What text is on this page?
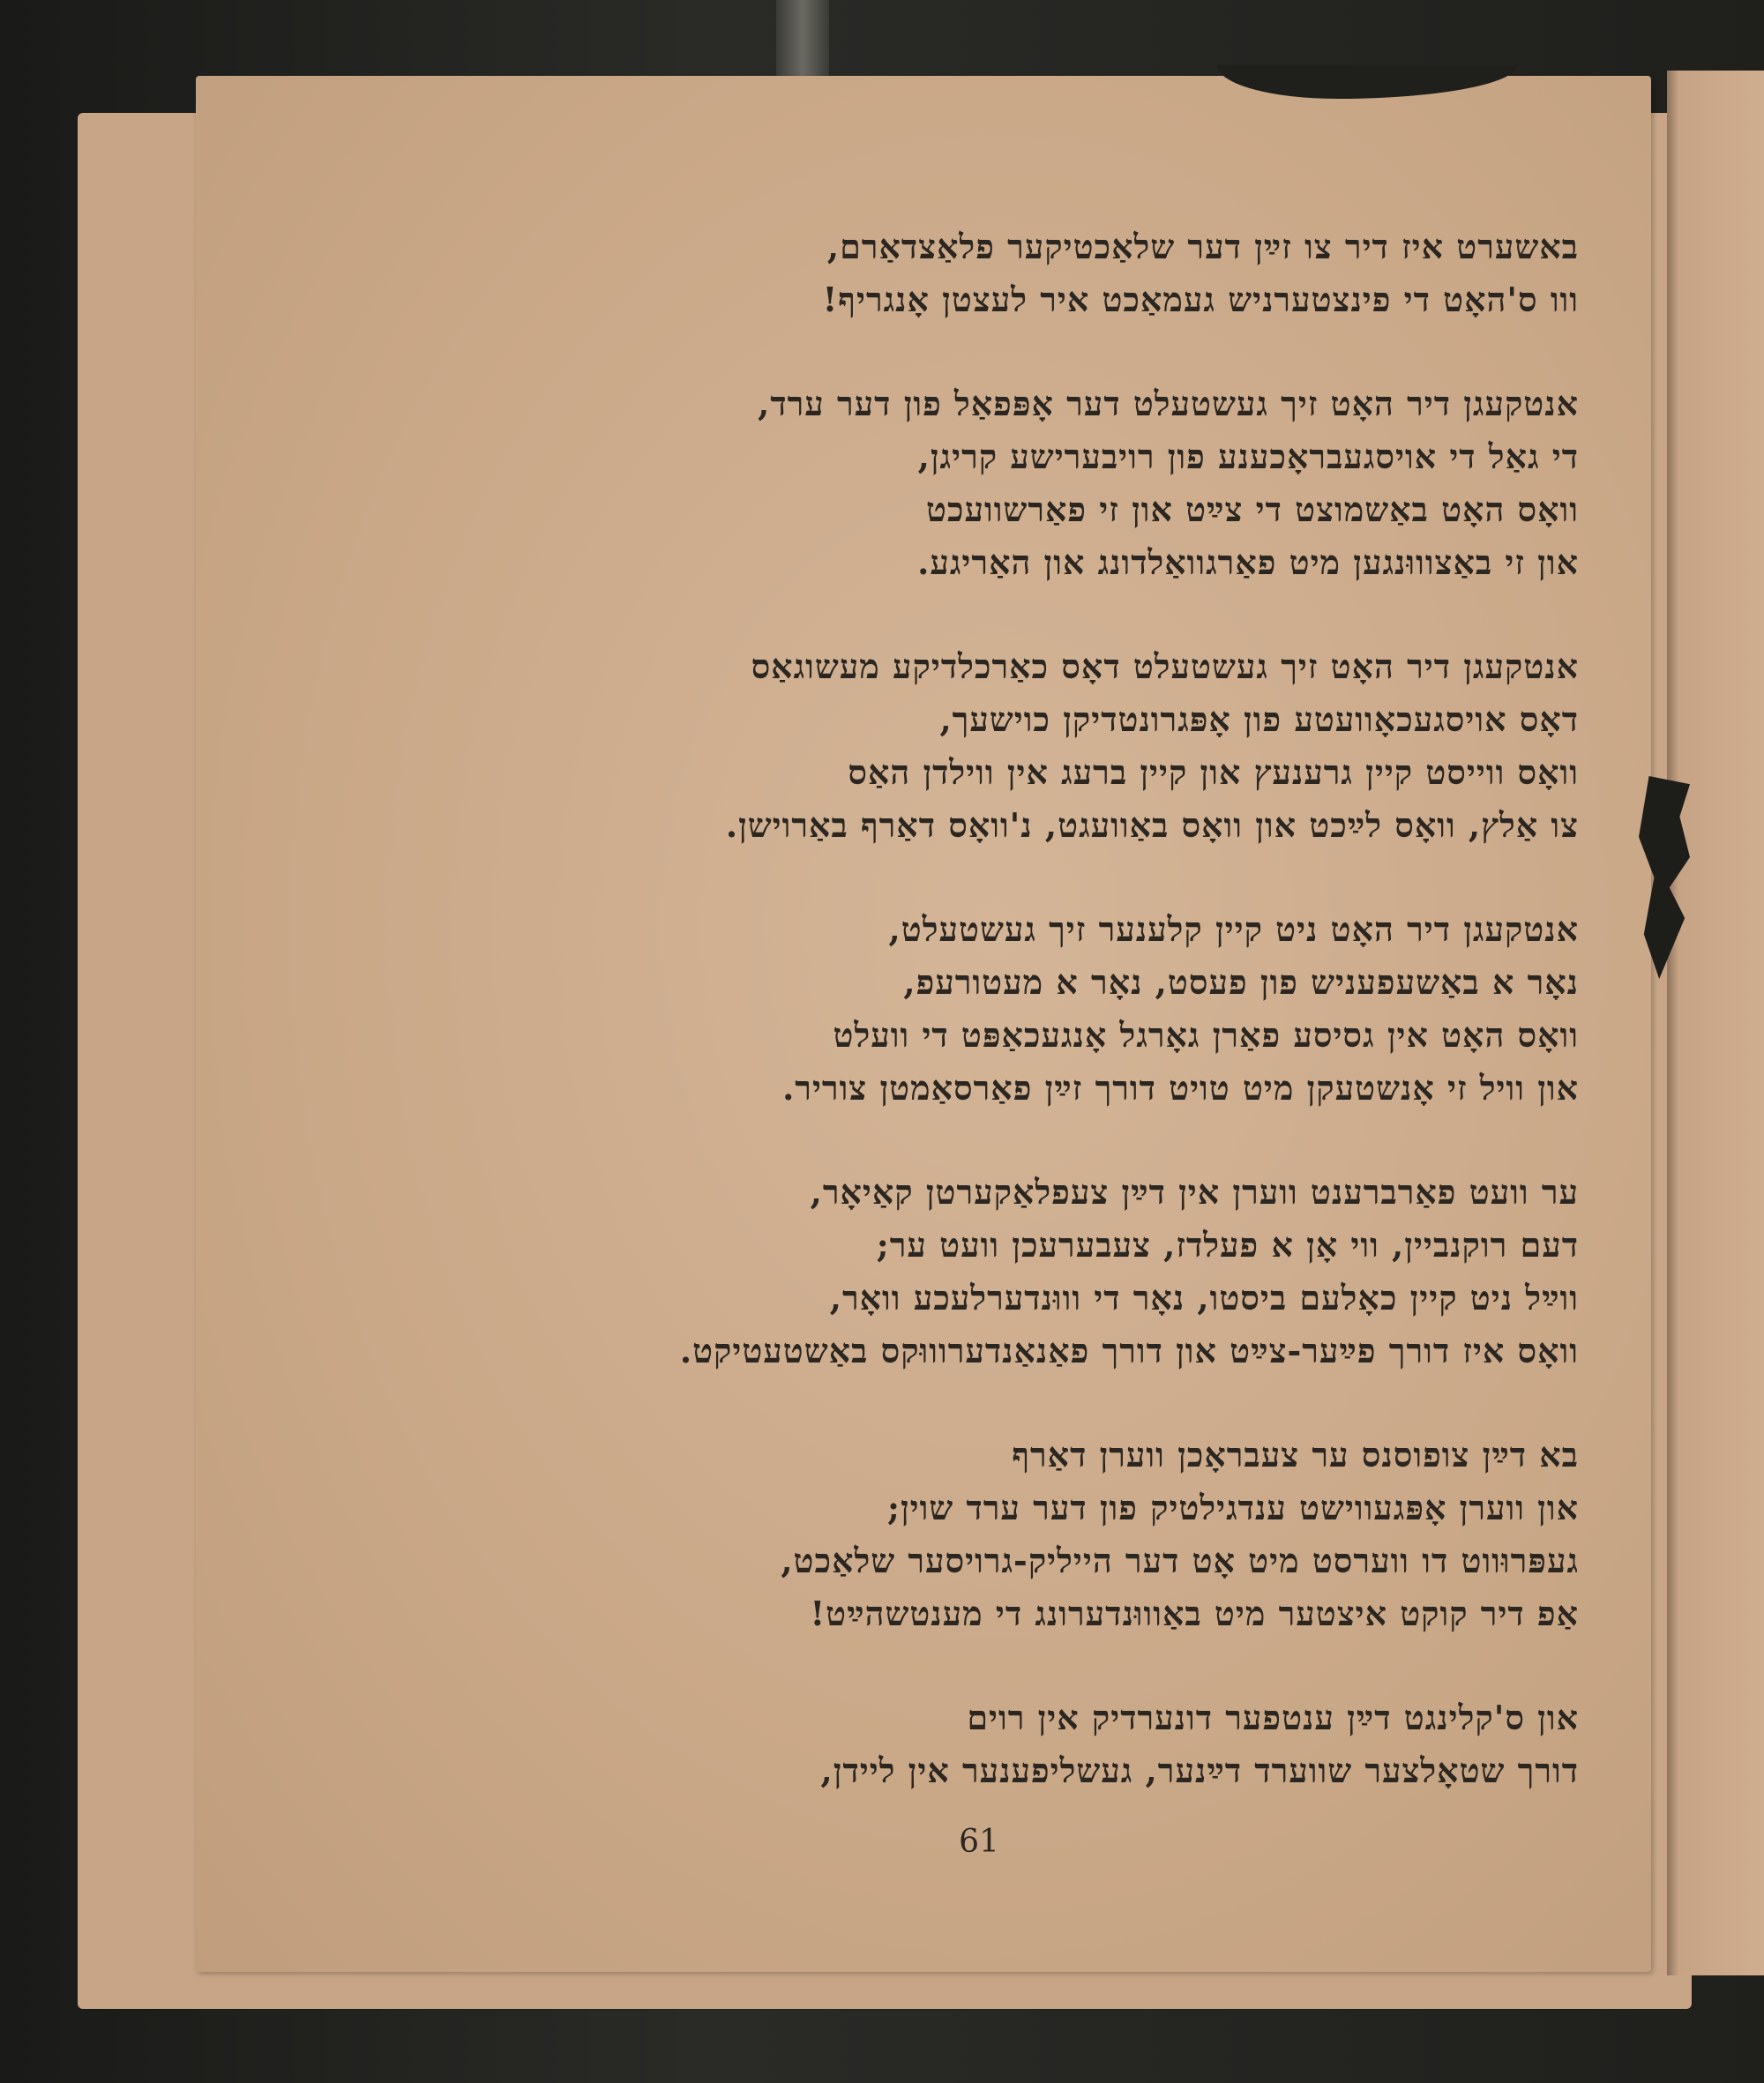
באשערט איז דיר צו זײַן דער שלאַכטיקער פלאַצדאַרם,
ווו ס'האָט די פינצטערניש געמאַכט איר לעצטן אָנגריף!
אנטקעגן דיר האָט זיך געשטעלט דער אָפּפאַל פון דער ערד,
די גאַל די אויסגעבראָכענע פון רויבערישע קריגן,
וואָס האָט באַשמוצט די צײַט און זי פאַרשוועכט
און זי באַצוווּנגען מיט פאַרגוואַלדונג און האַריגע.
אנטקעגן דיר האָט זיך געשטעלט דאָס כאַרכלדיקע מעשוגאַס
דאָס אויסגעכאָוועטע פון אָפּגרונטדיקן כוישעך,
וואָס ווייסט קיין גרענעץ און קיין ברעג אין ווילדן האַס
צו אַלץ, וואָס לײַכט און וואָס באַוועגט, נ'וואָס דאַרף באַרוישן.
אנטקעגן דיר האָט ניט קיין קלענער זיך געשטעלט,
נאָר א באַשעפעניש פון פעסט, נאָר א מעטורעפ,
וואָס האָט אין גסיסע פאַרן גאָרגל אָנגעכאַפּט די וועלט
און וויל זי אָנשטעקן מיט טויט דורך זײַן פאַרסאַמטן צוריר.
ער וועט פאַרברענט ווערן אין דײַן צעפלאַקערטן קאַיאָר,
דעם רוקנביין, ווי אָן א פעלדז, צעבערעכן וועט ער;
ווײַל ניט קיין כאָלעם ביסטו, נאָר די וווּנדערלעכע וואָר,
וואָס איז דורך פײַער-צײַט און דורך פאַנאַנדערוווּקס באַשטעטיקט.
בא דײַן צופוסנס ער צעבראָכן ווערן דאַרף
און ווערן אָפּגעווישט ענדגילטיק פון דער ערד שוין;
געפּרוּווט דו ווערסט מיט אָט דער הייליק-גרויסער שלאַכט,
אַפ דיר קוקט איצטער מיט באַוווּנדערונג די מענטשהײַט!
און ס'קלינגט דײַן ענטפער דונערדיק אין רוים
דורך שטאָלצער שווערד דײַנער, געשליפענער אין ליידן,
61
